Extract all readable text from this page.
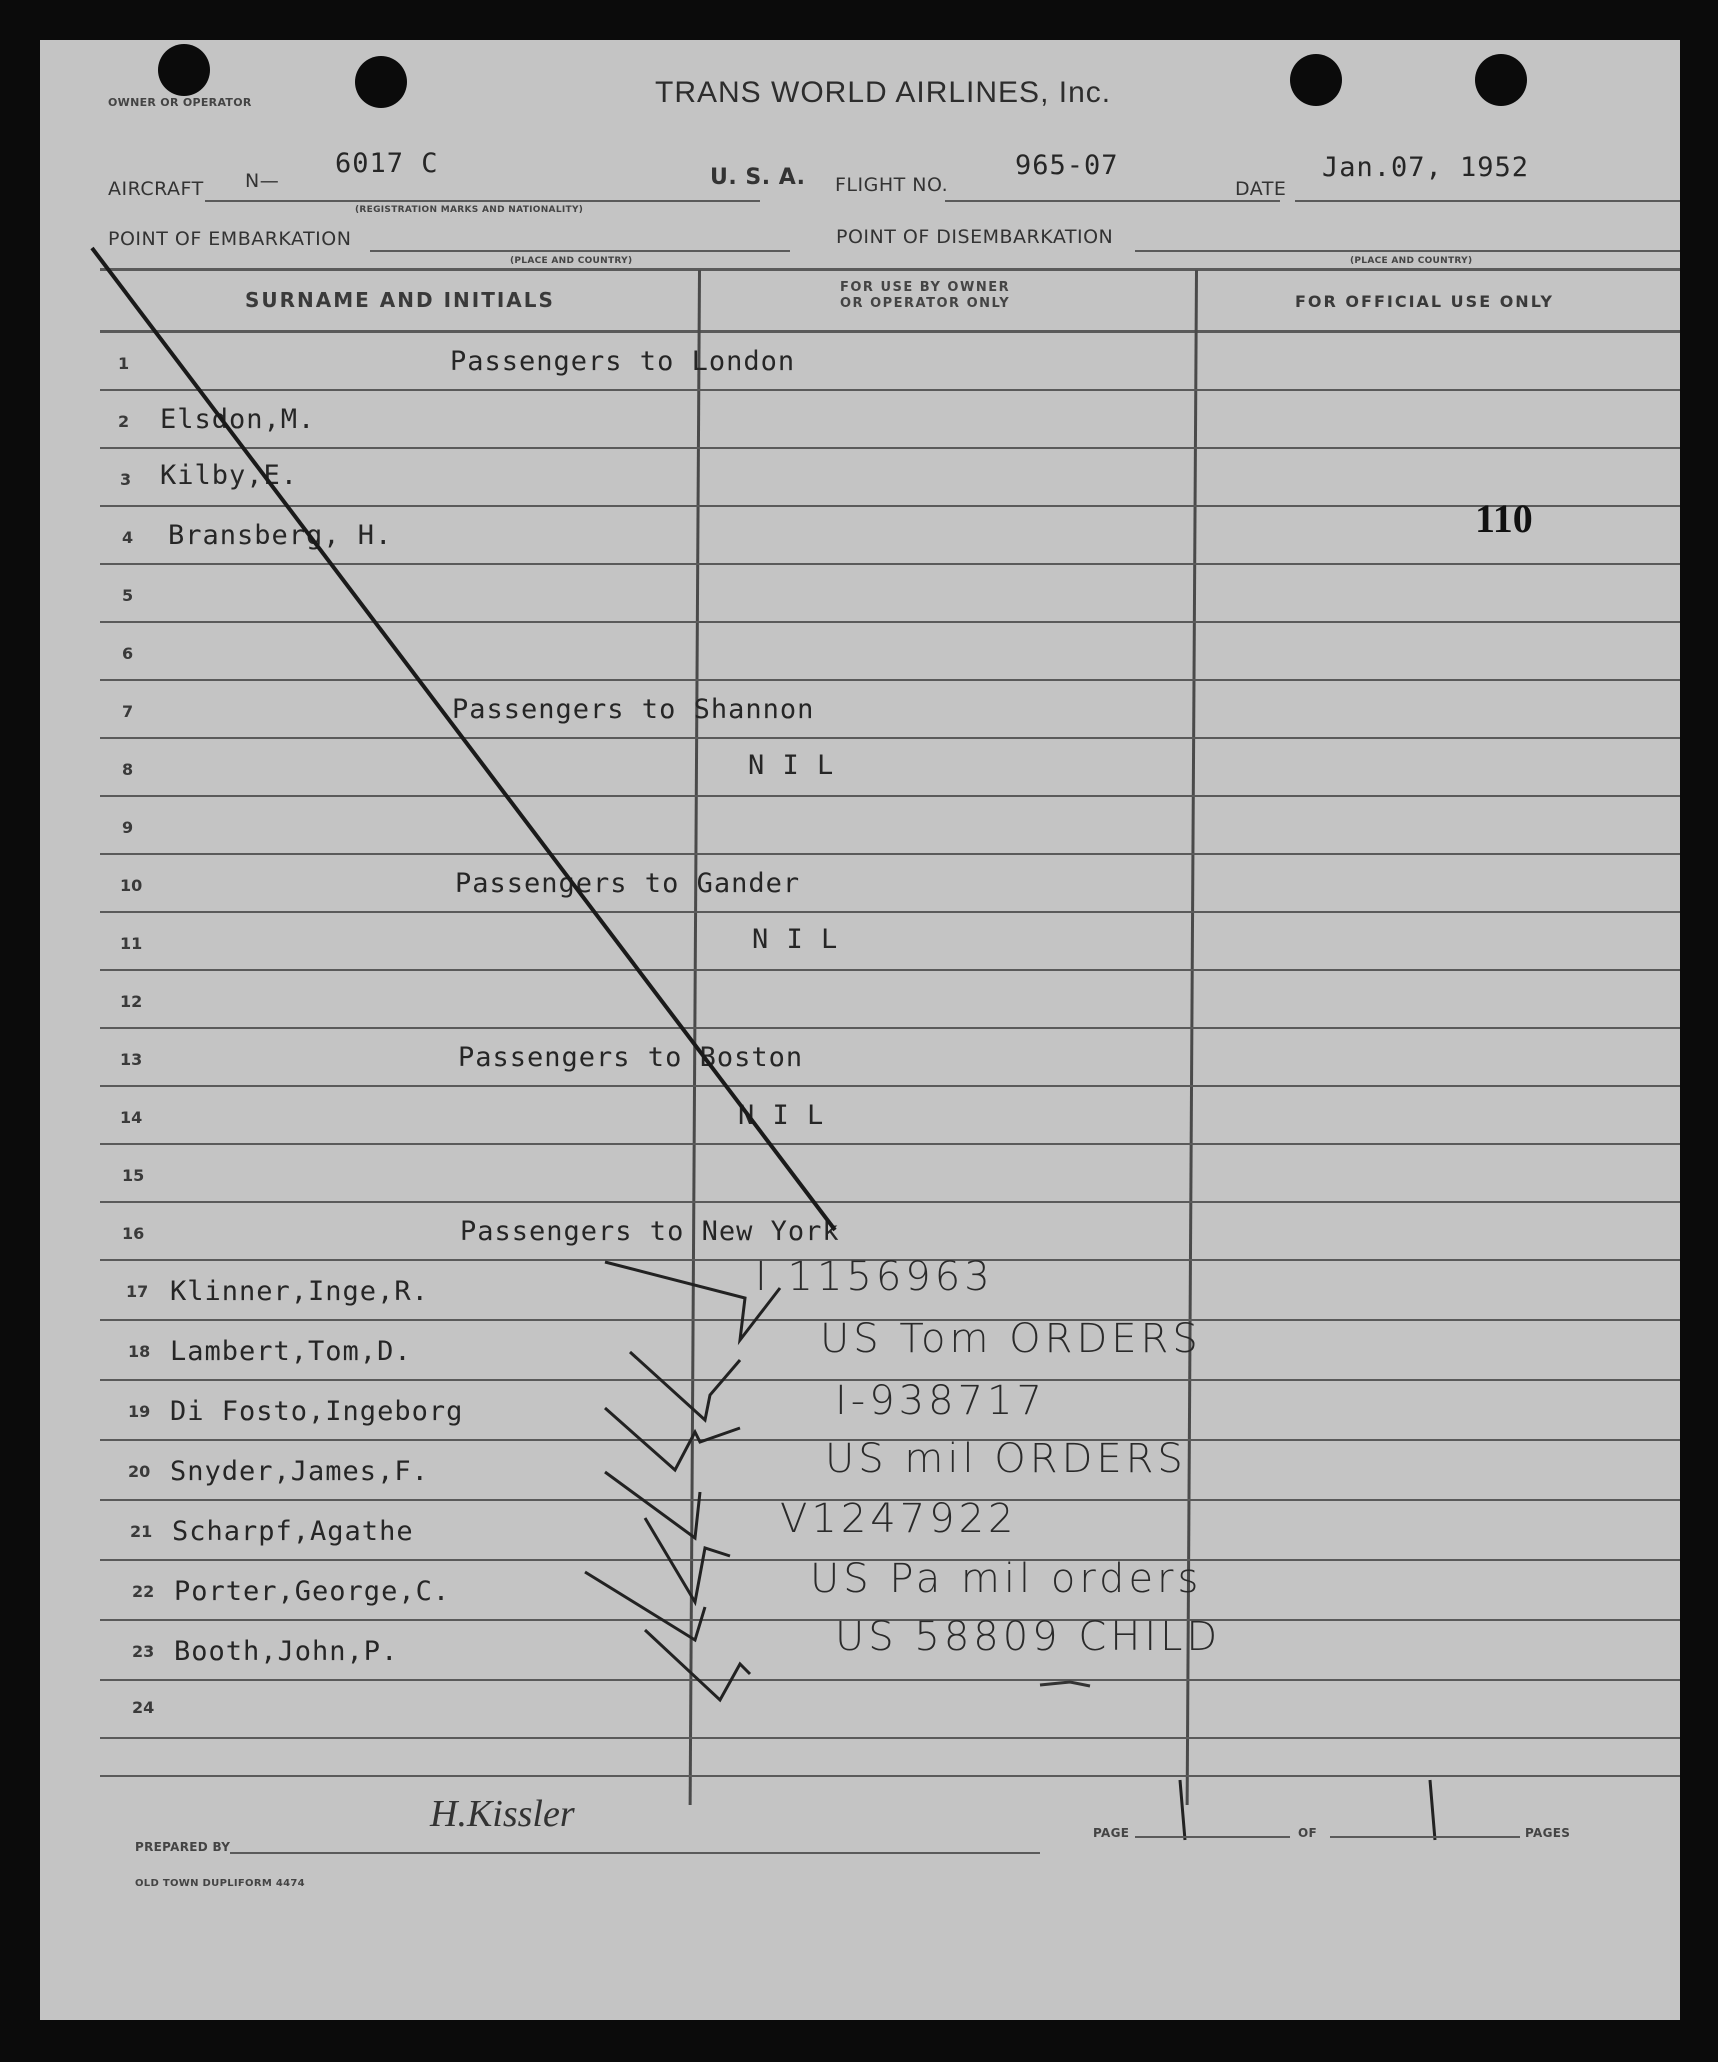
OWNER OR OPERATOR	TRANS WORLD AIRLINES, Inc.
AIRCRAFT N—
6017 C
(REGISTRATION MARKS AND NATIONALITY)
U. S. A. FLIGHT NO.
965-07
DATE
Jan.07, 1952
POINT OF EMBARKATION
(PLACE AND COUNTRY)
POINT OF DISEMBARKATION
(PLACE AND COUNTRY)
SURNAME AND INITIALS
FOR USE BY OWNER
OR OPERATOR ONLY	FOR OFFICIAL USE ONLY
1	Passengers to London
2 Elsdon,M.
3 Kilby,E.
4 Bransberg, H.
5
6
7	Passengers to Shannon
8	N I L
9
10	Passengers to Gander
11	N I L
12
13	Passengers to Boston
14	N I L
15
16	Passengers to New York
17 Klinner,Inge,R.	I 1156963
18 Lambert,Tom,D.	US Tom ORDERS
19 Di Fosto,Ingeborg	I-938717
20 Snyder,James,F.	US mil ORDERS
21 Scharpf,Agathe	V1247922
22 Porter,George,C.	US Pa mil orders
23 Booth,John,P.	US 58809 CHILD
24
110
PREPARED BY
H.Kissler	PAGE	OF	PAGES
OLD TOWN DUPLIFORM 4474
